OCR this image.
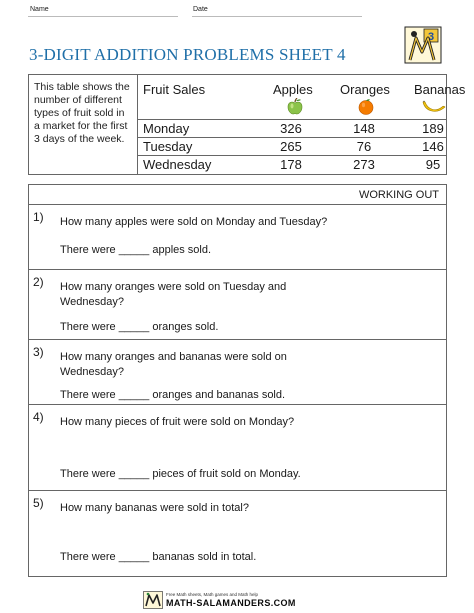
Name	Date
3-DIGIT ADDITION PROBLEMS SHEET 4
3
This table shows the number of different types of fruit sold in a market for the first 3 days of the week.
Fruit Sales	Apples Oranges Bananas
Monday	326	148	189
Tuesday	265	76	146
Wednesday	178	273	95
WORKING OUT
1) How many apples were sold on Monday and Tuesday?
There were _____ apples sold.
2) How many oranges were sold on Tuesday and Wednesday?
There were _____ oranges sold.
3) How many oranges and bananas were sold on Wednesday?
There were _____ oranges and bananas sold.
4) How many pieces of fruit were sold on Monday?
There were _____ pieces of fruit sold on Monday.
5) How many bananas were sold in total?
There were _____ bananas sold in total.
Free Math sheets, Math games and Math help
MATH-SALAMANDERS.COM
